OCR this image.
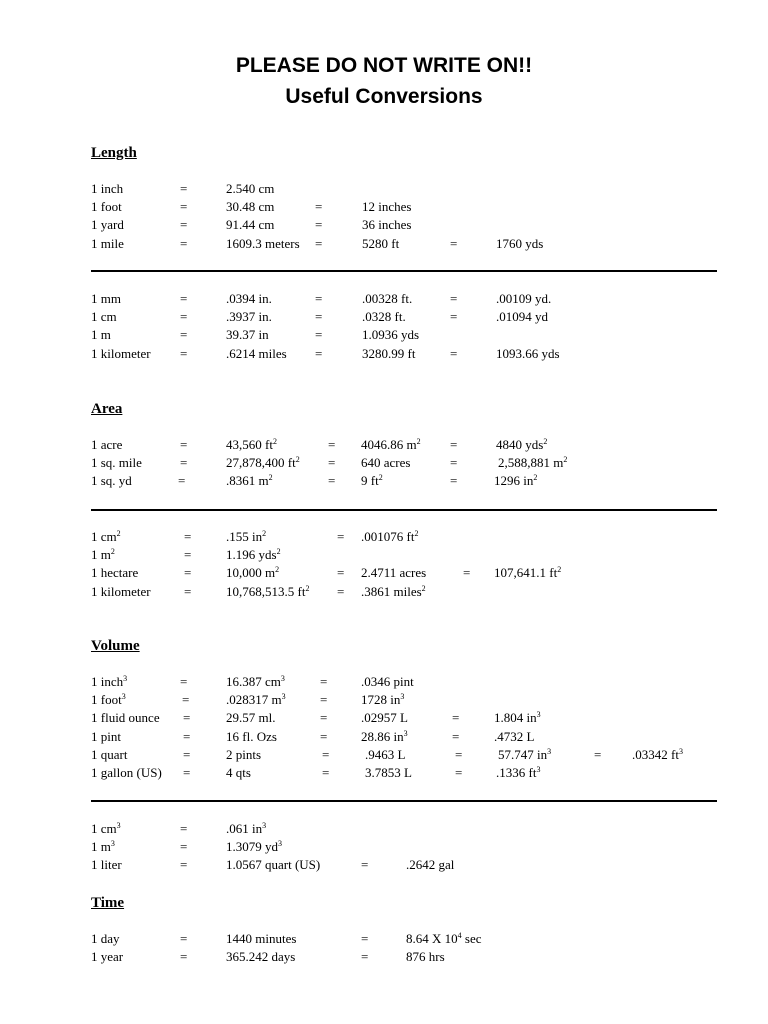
PLEASE DO NOT WRITE ON!!
Useful Conversions
Length
1 inch	=	2.540 cm
1 foot	=	30.48 cm	=	12 inches
1 yard	=	91.44 cm	=	36 inches
1 mile	=	1609.3 meters =	5280 ft	=	1760 yds
1 mm	=	.0394 in.	=	.00328 ft.	=	.00109 yd.
1 cm	=	.3937 in.	=	.0328 ft.	=	.01094 yd
1 m	=	39.37 in	=	1.0936 yds
1 kilometer =	.6214 miles =	3280.99 ft	=	1093.66 yds
Area
1 acre	=	43,560 $ft^2$	= 4046.86 $m^2$ =	4840 yds$^2$
1 sq. mile	=	27,878,400 $ft^2 = 640$ acres	=	2,588,881 $m^2$
1 sq. yd	=	.8361 $m^2$	= 9 $ft^2$	=	1296 $in^2$
1 $cm^2$	=	.155 $in^2$	= .001076 $ft^2$
1 $m^2$	=	1.196 yds$^2$
1 hectare	=	10,000 $m^2$	= 2.4711 acres	= 107,641.1 $ft^2$
1 kilometer	=	10,768,513.5 $ft^2 = .3861$ miles$^2$
Volume
1 inch$^3$	=	16.387 $cm^3$	=	.0346 pint
1 foot$^3$	=	.028317 $m^3$	=	1728 $in^3$
1 fluid ounce =	29.57 ml.	=	.02957 L	=	1.804 $in^3$
1 pint	=	16 fl. Ozs	=	28.86 $in^3$	=	.4732 L
1 quart	=	2 pints	=	.9463 L	=	57.747 $in^3$	= .03342 $ft^3$
1 gallon (US) =	4 qts	=	3.7853 L	=	.1336 $ft^3$
1 $cm^3$	=	.061 $in^3$
1 $m^3$	=	1.3079 $yd^3$
1 liter	=	1.0567 quart (US)	=	.2642 gal
Time
1 day	=	1440 minutes	=	8.64 X $10^4$ sec
1 year	=	365.242 days	=	876 hrs
